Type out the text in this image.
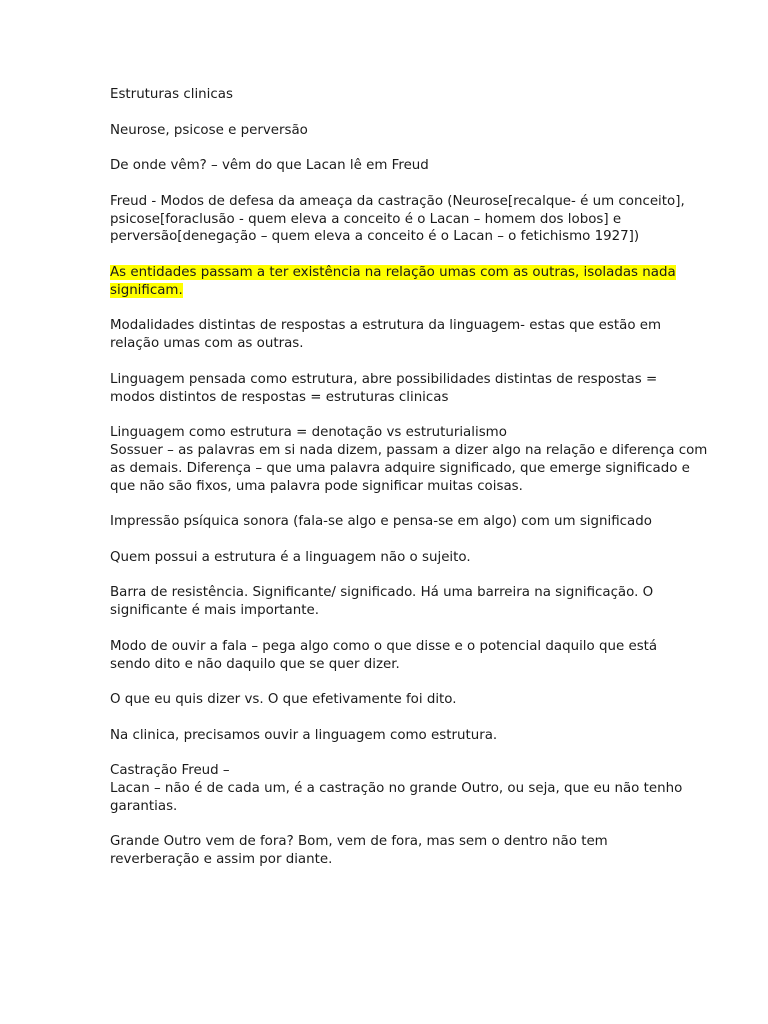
Estruturas clinicas
Neurose, psicose e perversão
De onde vêm? – vêm do que Lacan lê em Freud
Freud - Modos de defesa da ameaça da castração (Neurose[recalque- é um conceito],
psicose[foraclusão - quem eleva a conceito é o Lacan – homem dos lobos] e
perversão[denegação – quem eleva a conceito é o Lacan – o fetichismo 1927])
As entidades passam a ter existência na relação umas com as outras, isoladas nada
significam.
Modalidades distintas de respostas a estrutura da linguagem- estas que estão em
relação umas com as outras.
Linguagem pensada como estrutura, abre possibilidades distintas de respostas =
modos distintos de respostas = estruturas clinicas
Linguagem como estrutura = denotação vs estruturialismo
Sossuer – as palavras em si nada dizem, passam a dizer algo na relação e diferença com
as demais. Diferença – que uma palavra adquire significado, que emerge significado e
que não são fixos, uma palavra pode significar muitas coisas.
Impressão psíquica sonora (fala-se algo e pensa-se em algo) com um significado
Quem possui a estrutura é a linguagem não o sujeito.
Barra de resistência. Significante/ significado. Há uma barreira na significação. O
significante é mais importante.
Modo de ouvir a fala – pega algo como o que disse e o potencial daquilo que está
sendo dito e não daquilo que se quer dizer.
O que eu quis dizer vs. O que efetivamente foi dito.
Na clinica, precisamos ouvir a linguagem como estrutura.
Castração Freud –
Lacan – não é de cada um, é a castração no grande Outro, ou seja, que eu não tenho
garantias.
Grande Outro vem de fora? Bom, vem de fora, mas sem o dentro não tem
reverberação e assim por diante.
